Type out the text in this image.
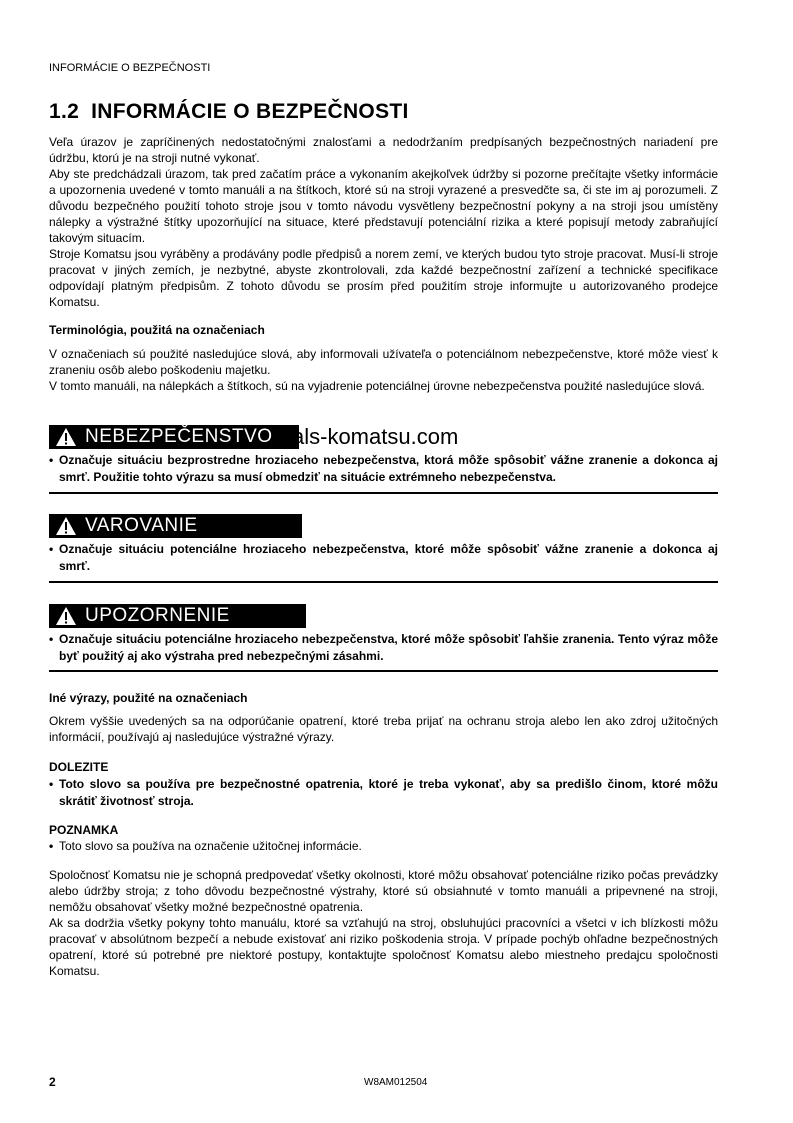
INFORMÁCIE O BEZPEČNOSTI
1.2 INFORMÁCIE O BEZPEČNOSTI

Veľa úrazov je zapríčinených nedostatočnými znalosťami a nedodržaním predpísaných bezpečnostných nariadení pre údržbu, ktorú je na stroji nutné vykonať.

Aby ste predchádzali úrazom, tak pred začatím práce a vykonaním akejkoľvek údržby si pozorne prečítajte všetky informácie a upozornenia uvedené v tomto manuáli a na štítkoch, ktoré sú na stroji vyrazené a presvedčte sa, či ste im aj porozumeli. Z důvodu bezpečného použití tohoto stroje jsou v tomto návodu vysvětleny bezpečnostní pokyny a na stroji jsou umístěny nálepky a výstražné štítky upozorňující na situace, které představují potenciální rizika a které popisují metody zabraňující takovým situacím.

Stroje Komatsu jsou vyráběny a prodávány podle předpisů a norem zemí, ve kterých budou tyto stroje pracovat. Musí-li stroje pracovat v jiných zemích, je nezbytné, abyste zkontrolovali, zda každé bezpečnostní zařízení a technické specifikace odpovídají platným předpisům. Z tohoto důvodu se prosím před použitím stroje informujte u autorizovaného prodejce Komatsu.

Terminológia, použitá na označeniach

V označeniach sú použité nasledujúce slová, aby informovali užívateľa o potenciálnom nebezpečenstve, ktoré môže viesť k zraneniu osôb alebo poškodeniu majetku.

V tomto manuáli, na nálepkách a štítkoch, sú na vyjadrenie potenciálnej úrovne nebezpečenstva použité nasledujúce slová.

NEBEZPEČENSTVO als-komatsu.com
• Označuje situáciu bezprostredne hroziaceho nebezpečenstva, ktorá môže spôsobiť vážne zranenie a dokonca aj smrť. Použitie tohto výrazu sa musí obmedziť na situácie extrémneho nebezpečenstva.
VAROVANIE
• Označuje situáciu potenciálne hroziaceho nebezpečenstva, ktoré môže spôsobiť vážne zranenie a dokonca aj smrť.
UPOZORNENIE
• Označuje situáciu potenciálne hroziaceho nebezpečenstva, ktoré môže spôsobiť ľahšie zranenia. Tento výraz môže byť použitý aj ako výstraha pred nebezpečnými zásahmi.
Iné výrazy, použité na označeniach

Okrem vyššie uvedených sa na odporúčanie opatrení, ktoré treba prijať na ochranu stroja alebo len ako zdroj užitočných informácií, používajú aj nasledujúce výstražné výrazy.

DOLEZITE
• Toto slovo sa používa pre bezpečnostné opatrenia, ktoré je treba vykonať, aby sa predišlo činom, ktoré môžu skrátiť životnosť stroja.
POZNAMKA
• Toto slovo sa používa na označenie užitočnej informácie.

Spoločnosť Komatsu nie je schopná predpovedať všetky okolnosti, ktoré môžu obsahovať potenciálne riziko počas prevádzky alebo údržby stroja; z toho dôvodu bezpečnostné výstrahy, ktoré sú obsiahnuté v tomto manuáli a pripevnené na stroji, nemôžu obsahovať všetky možné bezpečnostné opatrenia.

Ak sa dodržia všetky pokyny tohto manuálu, ktoré sa vzťahujú na stroj, obsluhujúci pracovníci a všetci v ich blízkosti môžu pracovať v absolútnom bezpečí a nebude existovať ani riziko poškodenia stroja. V prípade pochýb ohľadne bezpečnostných opatrení, ktoré sú potrebné pre niektoré postupy, kontaktujte spoločnosť Komatsu alebo miestneho predajcu spoločnosti Komatsu.

2	W8AM012504
